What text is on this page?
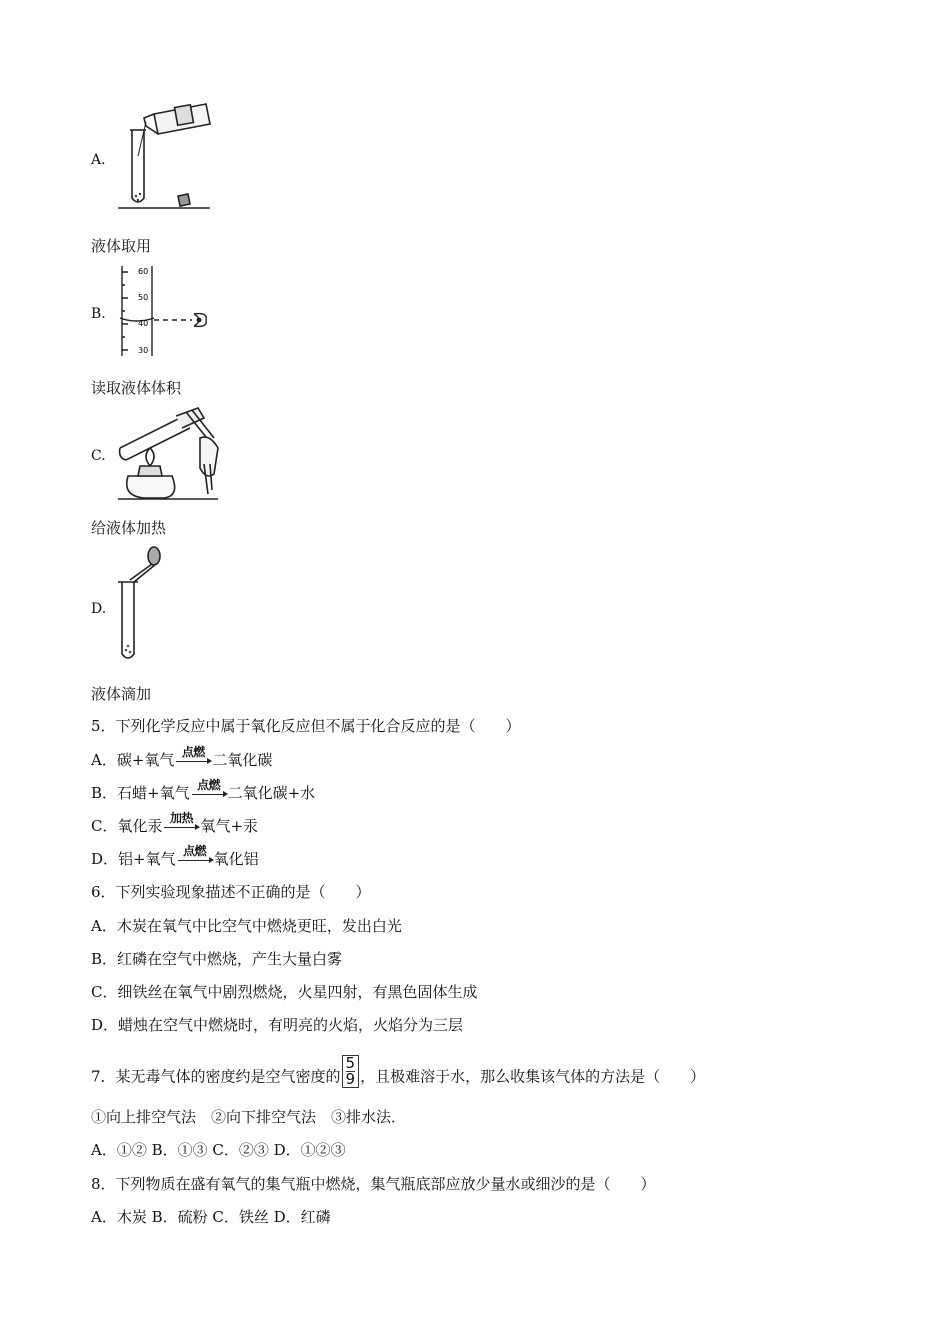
A.
液体取用
B.
60
50
40
30
读取液体体积
C.
给液体加热
D.
液体滴加
5．下列化学反应中属于氧化反应但不属于化合反应的是（　　）
A．碳+氧气 点燃 二氧化碳
B．石蜡+氧气 点燃 二氧化碳+水
C．氧化汞 加热 氧气+汞
D．铝+氧气 点燃 氧化铝
6．下列实验现象描述不正确的是（　　）
A．木炭在氧气中比空气中燃烧更旺，发出白光
B．红磷在空气中燃烧，产生大量白雾
C．细铁丝在氧气中剧烈燃烧，火星四射，有黑色固体生成
D．蜡烛在空气中燃烧时，有明亮的火焰，火焰分为三层
7．某无毒气体的密度约是空气密度的 $\frac{5}{9}$ ，且极难溶于水，那么收集该气体的方法是（　　）
①向上排空气法　②向下排空气法　③排水法．
A．①② B．①③ C．②③ D．①②③
8．下列物质在盛有氧气的集气瓶中燃烧，集气瓶底部应放少量水或细沙的是（　　）
A．木炭 B．硫粉 C．铁丝 D．红磷
